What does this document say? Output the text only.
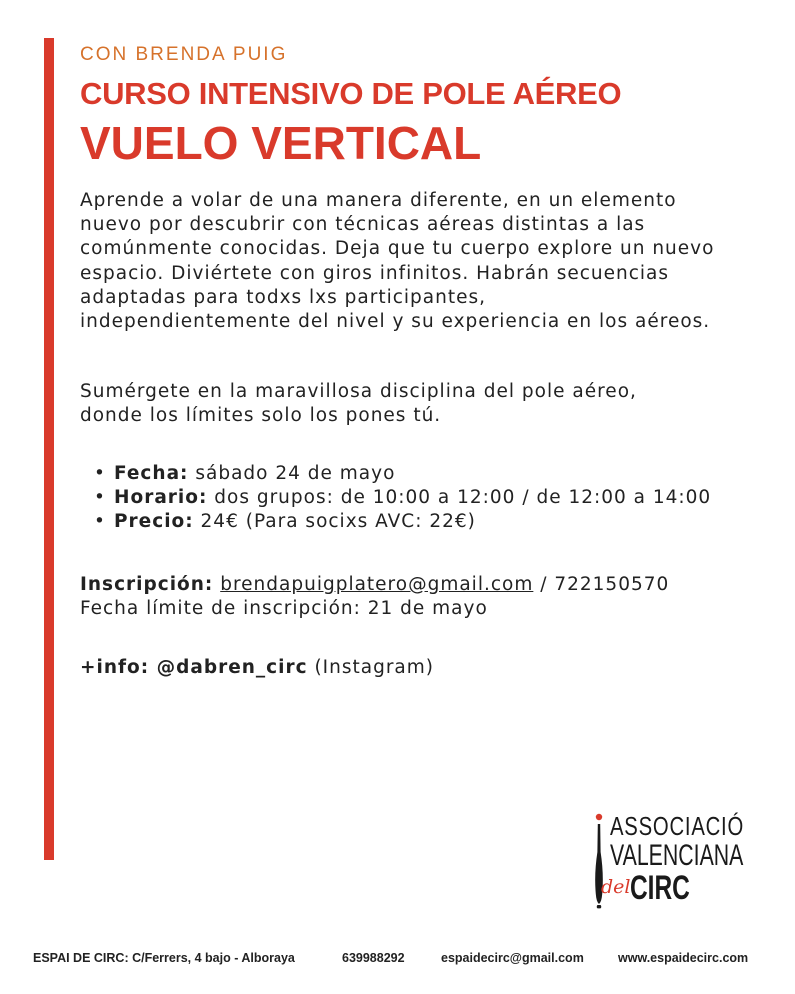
CON BRENDA PUIG
CURSO INTENSIVO DE POLE AÉREO
VUELO VERTICAL
Aprende a volar de una manera diferente, en un elemento
nuevo por descubrir con técnicas aéreas distintas a las
comúnmente conocidas. Deja que tu cuerpo explore un nuevo
espacio. Diviértete con giros infinitos. Habrán secuencias
adaptadas para todxs lxs participantes,
independientemente del nivel y su experiencia en los aéreos.
Sumérgete en la maravillosa disciplina del pole aéreo,
donde los límites solo los pones tú.
• Fecha: sábado 24 de mayo
• Horario: dos grupos: de 10:00 a 12:00 / de 12:00 a 14:00
• Precio: 24€ (Para socixs AVC: 22€)
Inscripción: brendapuigplatero@gmail.com / 722150570
Fecha límite de inscripción: 21 de mayo
+info: @dabren_circ (Instagram)
ASSOCIACIÓ
VALENCIANA
del CIRC
ESPAI DE CIRC: C/Ferrers, 4 bajo - Alboraya	639988292	espaidecirc@gmail.com	www.espaidecirc.com
